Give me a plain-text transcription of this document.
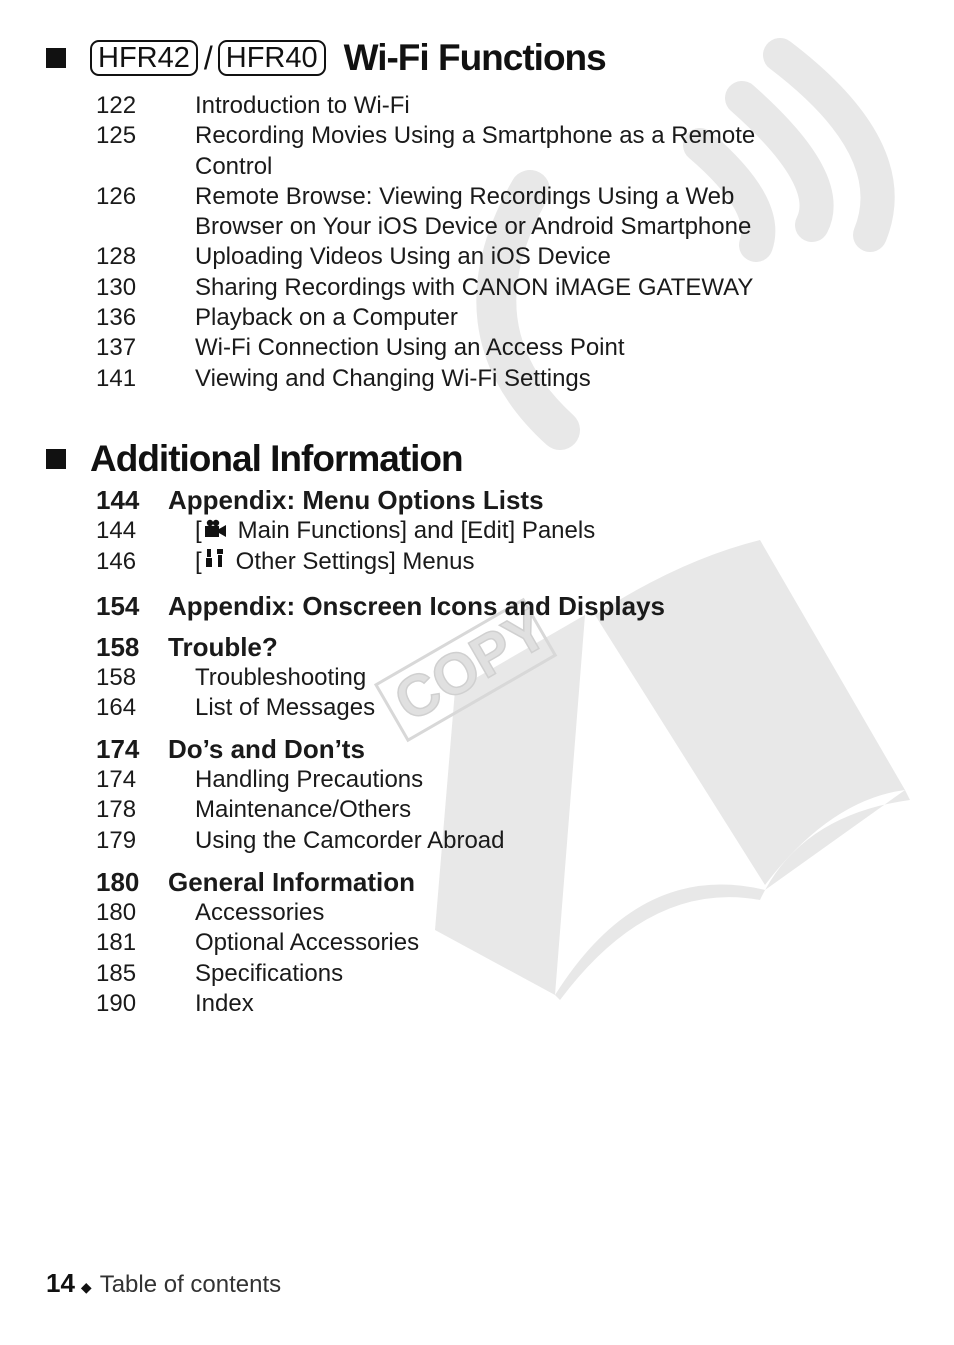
COPY
HFR42 / HFR40 Wi-Fi Functions
122	Introduction to Wi-Fi
125	Recording Movies Using a Smartphone as a Remote Control
126	Remote Browse: Viewing Recordings Using a Web Browser on Your iOS Device or Android Smartphone
128	Uploading Videos Using an iOS Device
130	Sharing Recordings with CANON iMAGE GATEWAY
136	Playback on a Computer
137	Wi-Fi Connection Using an Access Point
141	Viewing and Changing Wi-Fi Settings
Additional Information
144	Appendix: Menu Options Lists
144	[ Main Functions] and [Edit] Panels
146	[ Other Settings] Menus
154	Appendix: Onscreen Icons and Displays
158	Trouble?
158	Troubleshooting
164	List of Messages
174	Do’s and Don’ts
174	Handling Precautions
178	Maintenance/Others
179	Using the Camcorder Abroad
180	General Information
180	Accessories
181	Optional Accessories
185	Specifications
190	Index
14 ◆ Table of contents
